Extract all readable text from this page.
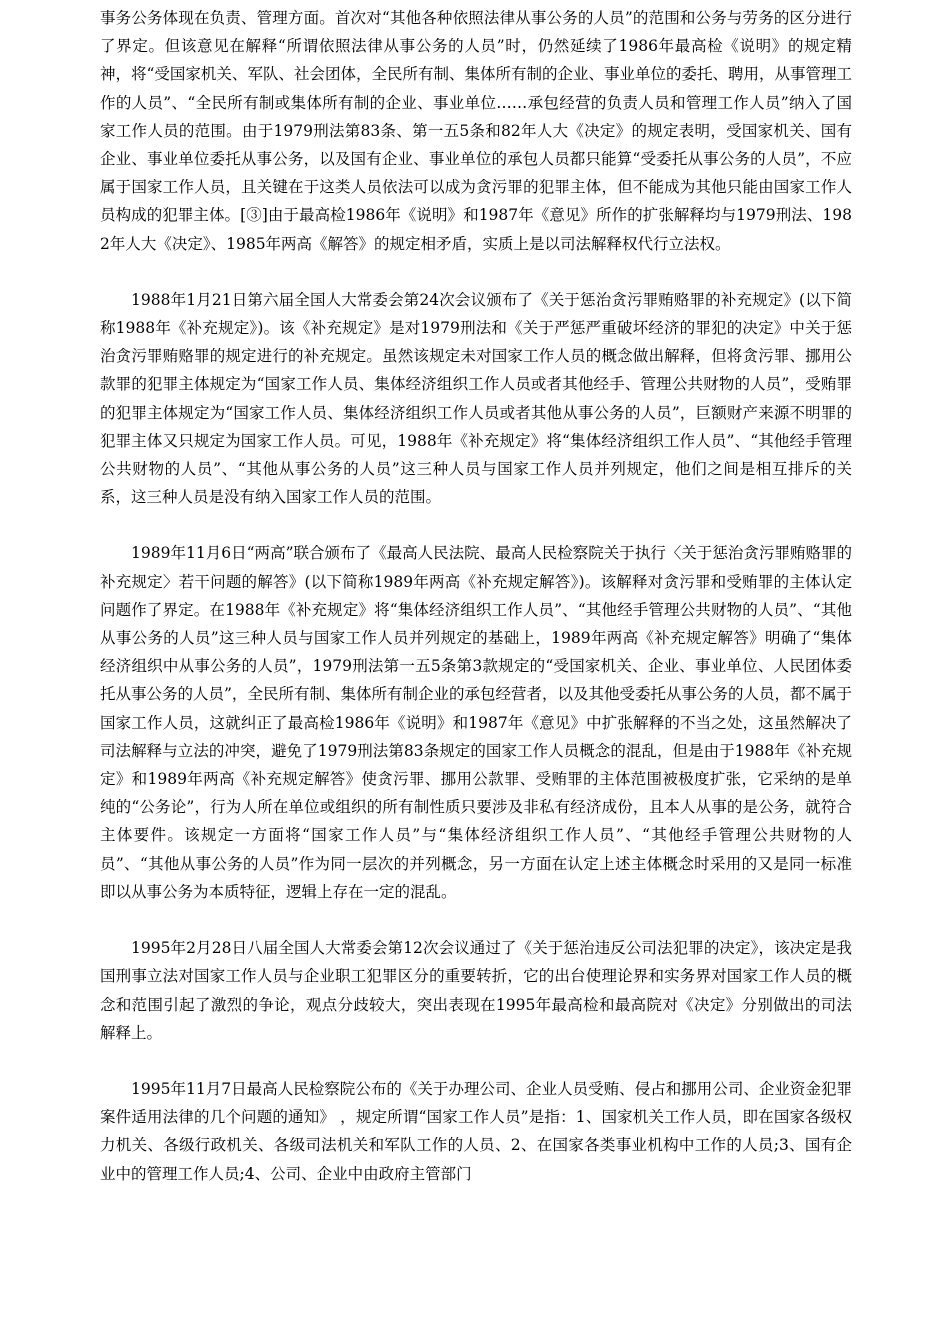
事务公务体现在负责、管理方面。首次对“其他各种依照法律从事公务的人员”的范围和公务与劳务的区分进行了界定。但该意见在解释“所谓依照法律从事公务的人员”时，仍然延续了1986年最高检《说明》的规定精神，将“受国家机关、军队、社会团体，全民所有制、集体所有制的企业、事业单位的委托、聘用，从事管理工作的人员”、“全民所有制或集体所有制的企业、事业单位……承包经营的负责人员和管理工作人员”纳入了国家工作人员的范围。由于1979刑法第83条、第一五5条和82年人大《决定》的规定表明，受国家机关、国有企业、事业单位委托从事公务，以及国有企业、事业单位的承包人员都只能算“受委托从事公务的人员”，不应属于国家工作人员，且关键在于这类人员依法可以成为贪污罪的犯罪主体，但不能成为其他只能由国家工作人员构成的犯罪主体。[③]由于最高检1986年《说明》和1987年《意见》所作的扩张解释均与1979刑法、1982年人大《决定》、1985年两高《解答》的规定相矛盾，实质上是以司法解释权代行立法权。

1988年1月21日第六届全国人大常委会第24次会议颁布了《关于惩治贪污罪贿赂罪的补充规定》(以下简称1988年《补充规定》)。该《补充规定》是对1979刑法和《关于严惩严重破坏经济的罪犯的决定》中关于惩治贪污罪贿赂罪的规定进行的补充规定。虽然该规定未对国家工作人员的概念做出解释，但将贪污罪、挪用公款罪的犯罪主体规定为“国家工作人员、集体经济组织工作人员或者其他经手、管理公共财物的人员”，受贿罪的犯罪主体规定为“国家工作人员、集体经济组织工作人员或者其他从事公务的人员”，巨额财产来源不明罪的犯罪主体又只规定为国家工作人员。可见，1988年《补充规定》将“集体经济组织工作人员”、“其他经手管理公共财物的人员”、“其他从事公务的人员”这三种人员与国家工作人员并列规定，他们之间是相互排斥的关系，这三种人员是没有纳入国家工作人员的范围。

1989年11月6日“两高”联合颁布了《最高人民法院、最高人民检察院关于执行〈关于惩治贪污罪贿赂罪的补充规定〉若干问题的解答》(以下简称1989年两高《补充规定解答》)。该解释对贪污罪和受贿罪的主体认定问题作了界定。在1988年《补充规定》将“集体经济组织工作人员”、“其他经手管理公共财物的人员”、“其他从事公务的人员”这三种人员与国家工作人员并列规定的基础上，1989年两高《补充规定解答》明确了“集体经济组织中从事公务的人员”，1979刑法第一五5条第3款规定的“受国家机关、企业、事业单位、人民团体委托从事公务的人员”，全民所有制、集体所有制企业的承包经营者，以及其他受委托从事公务的人员，都不属于国家工作人员，这就纠正了最高检1986年《说明》和1987年《意见》中扩张解释的不当之处，这虽然解决了司法解释与立法的冲突，避免了1979刑法第83条规定的国家工作人员概念的混乱，但是由于1988年《补充规定》和1989年两高《补充规定解答》使贪污罪、挪用公款罪、受贿罪的主体范围被极度扩张，它采纳的是单纯的“公务论”，行为人所在单位或组织的所有制性质只要涉及非私有经济成份，且本人从事的是公务，就符合主体要件。该规定一方面将“国家工作人员”与“集体经济组织工作人员”、“其他经手管理公共财物的人员”、“其他从事公务的人员”作为同一层次的并列概念，另一方面在认定上述主体概念时采用的又是同一标准即以从事公务为本质特征，逻辑上存在一定的混乱。

1995年2月28日八届全国人大常委会第12次会议通过了《关于惩治违反公司法犯罪的决定》，该决定是我国刑事立法对国家工作人员与企业职工犯罪区分的重要转折，它的出台使理论界和实务界对国家工作人员的概念和范围引起了激烈的争论，观点分歧较大，突出表现在1995年最高检和最高院对《决定》分别做出的司法解释上。

1995年11月7日最高人民检察院公布的《关于办理公司、企业人员受贿、侵占和挪用公司、企业资金犯罪案件适用法律的几个问题的通知》 ，规定所谓“国家工作人员”是指：1、国家机关工作人员，即在国家各级权力机关、各级行政机关、各级司法机关和军队工作的人员、2、在国家各类事业机构中工作的人员;3、国有企业中的管理工作人员;4、公司、企业中由政府主管部门
